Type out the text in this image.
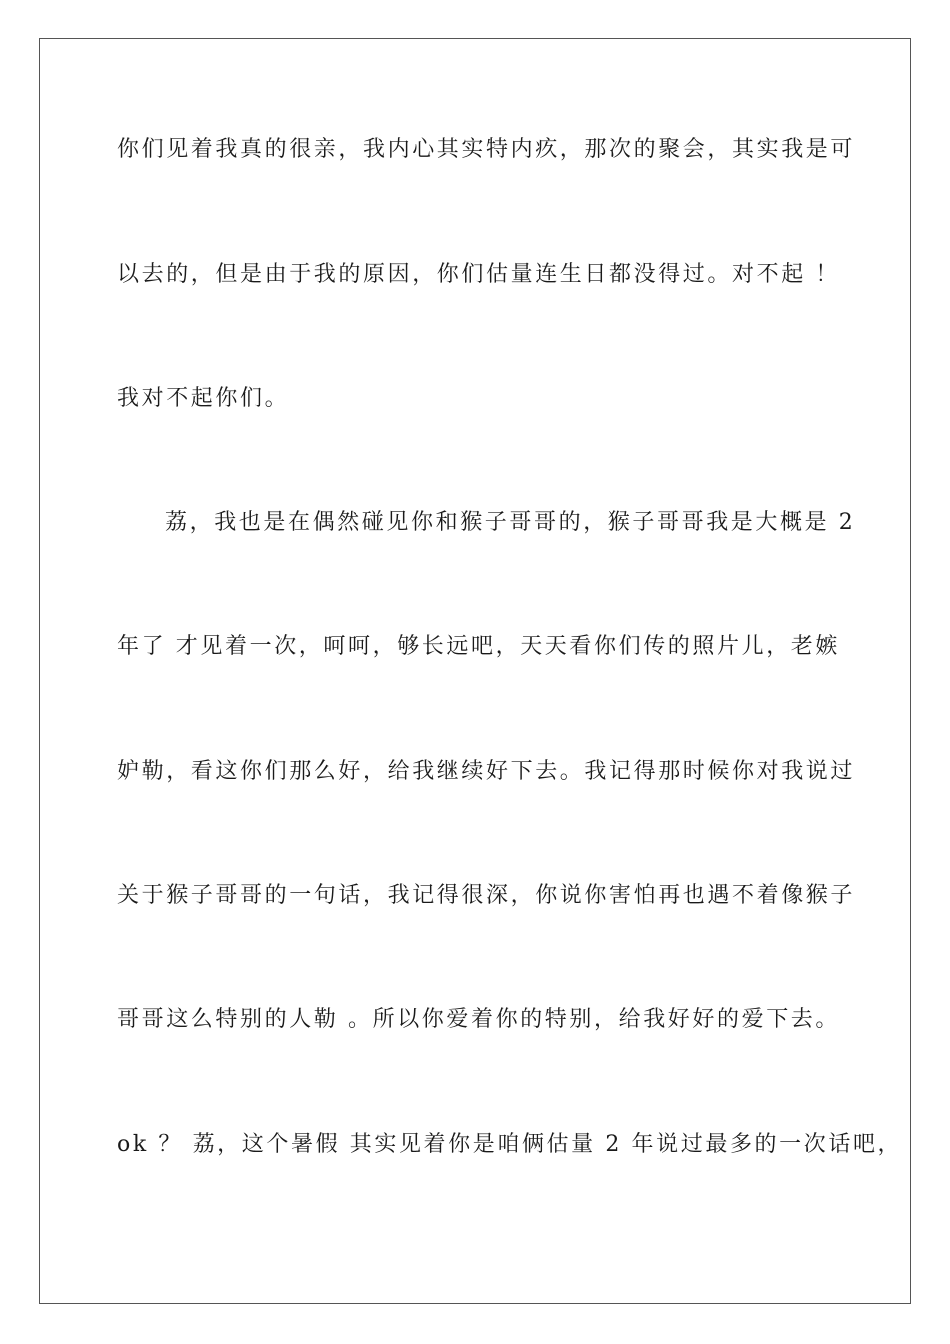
你们见着我真的很亲，我内心其实特内疚，那次的聚会，其实我是可
以去的，但是由于我的原因，你们估量连生日都没得过。对不起 ！
我对不起你们。
荔，我也是在偶然碰见你和猴子哥哥的，猴子哥哥我是大概是 2
年了 才见着一次，呵呵，够长远吧，天天看你们传的照片儿，老嫉
妒勒，看这你们那么好，给我继续好下去。我记得那时候你对我说过
关于猴子哥哥的一句话，我记得很深，你说你害怕再也遇不着像猴子
哥哥这么特别的人勒 。所以你爱着你的特别，给我好好的爱下去。
ok ？ 荔，这个暑假 其实见着你是咱俩估量 2 年说过最多的一次话吧，
